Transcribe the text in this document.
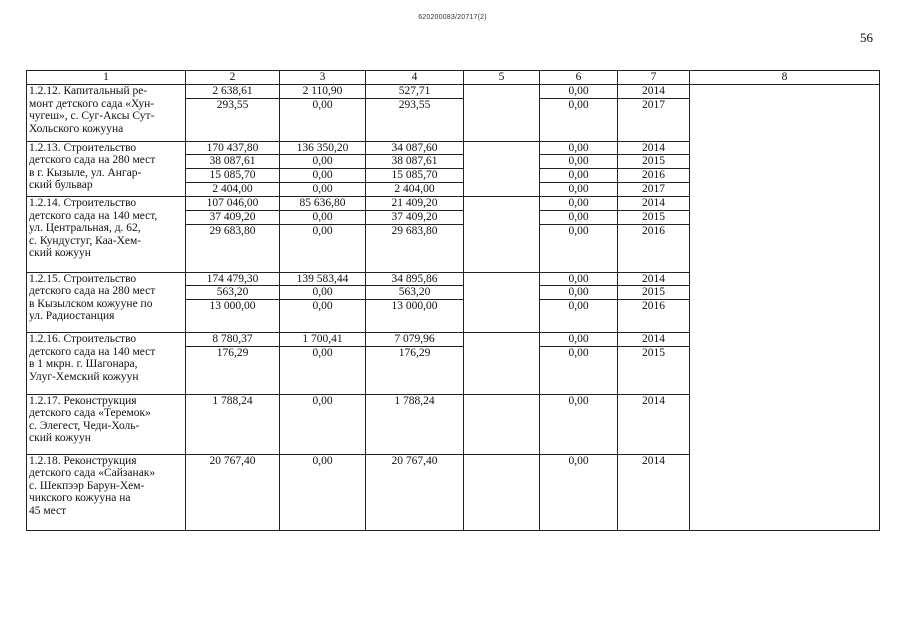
620200083/20717(2)
56
1	2	3	4	5	6	7	8
1.2.12. Капитальный ре-
монт детского сада «Хун-
чугеш», с. Суг-Аксы Сут-
Хольского кожууна	2 638,61	2 110,90	527,71		0,00	2014	
	293,55	0,00	293,55		0,00	2017	
1.2.13. Строительство
детского сада на 280 мест
в г. Кызыле, ул. Ангар-
ский бульвар	170 437,80	136 350,20	34 087,60		0,00	2014	
	38 087,61	0,00	38 087,61		0,00	2015	
	15 085,70	0,00	15 085,70		0,00	2016	
	2 404,00	0,00	2 404,00		0,00	2017	
1.2.14. Строительство
детского сада на 140 мест,
ул. Центральная, д. 62,
с. Кундустуг, Каа-Хем-
ский кожуун	107 046,00	85 636,80	21 409,20		0,00	2014	
	37 409,20	0,00	37 409,20		0,00	2015	
	29 683,80	0,00	29 683,80		0,00	2016	
1.2.15. Строительство
детского сада на 280 мест
в Кызылском кожууне по
ул. Радиостанция	174 479,30	139 583,44	34 895,86		0,00	2014	
	563,20	0,00	563,20		0,00	2015	
	13 000,00	0,00	13 000,00		0,00	2016	
1.2.16. Строительство
детского сада на 140 мест
в 1 мкрн. г. Шагонара,
Улуг-Хемский кожуун	8 780,37	1 700,41	7 079,96		0,00	2014	
	176,29	0,00	176,29		0,00	2015	
1.2.17. Реконструкция
детского сада «Теремок»
с. Элегест, Чеди-Холь-
ский кожуун	1 788,24	0,00	1 788,24		0,00	2014	
1.2.18. Реконструкция
детского сада «Сайзанак»
с. Шекпээр Барун-Хем-
чикского кожууна на
45 мест	20 767,40	0,00	20 767,40		0,00	2014	
